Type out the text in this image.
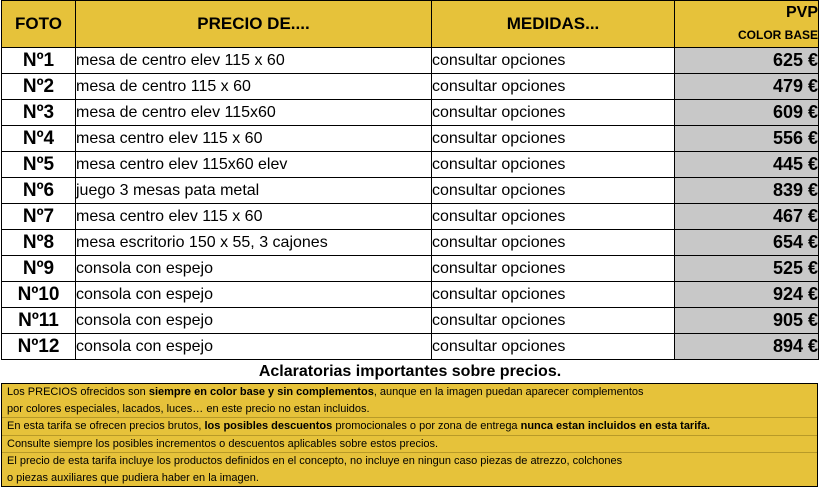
FOTO	PRECIO DE....	MEDIDAS...	PVP
COLOR BASE

Nº1	mesa de centro elev 115 x 60	consultar opciones	625 €
Nº2	mesa de centro 115 x 60	consultar opciones	479 €
Nº3	mesa de centro elev 115x60	consultar opciones	609 €
Nº4	mesa centro elev 115 x 60	consultar opciones	556 €
Nº5	mesa centro elev 115x60 elev	consultar opciones	445 €
Nº6	juego 3 mesas pata metal	consultar opciones	839 €
Nº7	mesa centro elev 115 x 60	consultar opciones	467 €
Nº8	mesa escritorio 150 x 55, 3 cajones	consultar opciones	654 €
Nº9	consola con espejo	consultar opciones	525 €
Nº10	consola con espejo	consultar opciones	924 €
Nº11	consola con espejo	consultar opciones	905 €
Nº12	consola con espejo	consultar opciones	894 €
Aclaratorias importantes sobre precios.
Los PRECIOS ofrecidos son siempre en color base y sin complementos, aunque en la imagen puedan aparecer complementos
por colores especiales, lacados, luces… en este precio no estan incluidos.
En esta tarifa se ofrecen precios brutos, los posibles descuentos promocionales o por zona de entrega nunca estan incluidos en esta tarifa.
Consulte siempre los posibles incrementos o descuentos aplicables sobre estos precios.
El precio de esta tarifa incluye los productos definidos en el concepto, no incluye en ningun caso piezas de atrezzo, colchones
o piezas auxiliares que pudiera haber en la imagen.
